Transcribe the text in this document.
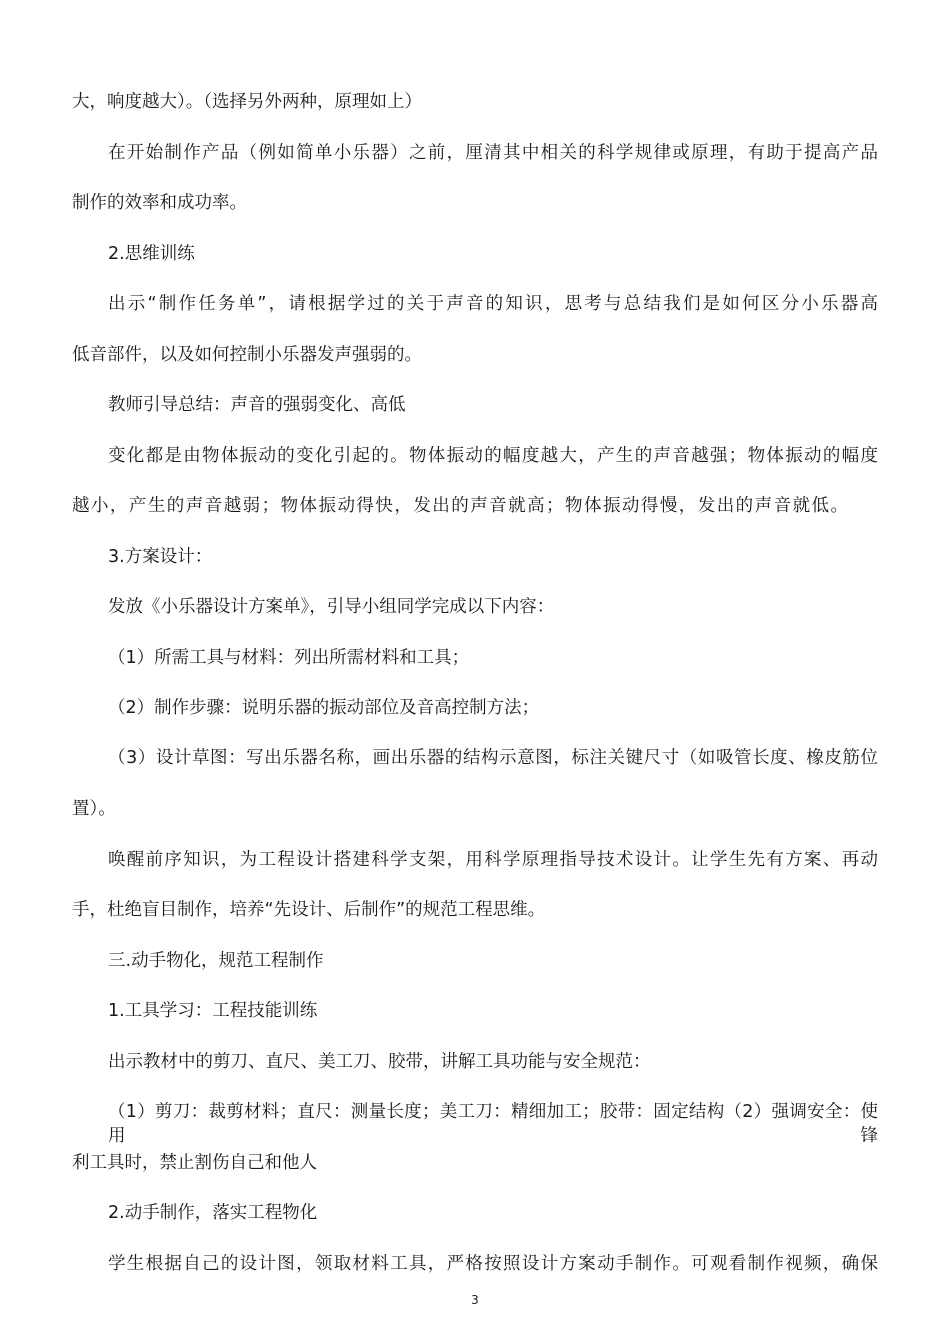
大，响度越大）。（选择另外两种，原理如上）
在开始制作产品（例如简单小乐器）之前，厘清其中相关的科学规律或原理，有助于提高产品
制作的效率和成功率。
2.思维训练
出示“制作任务单”，请根据学过的关于声音的知识，思考与总结我们是如何区分小乐器高
低音部件，以及如何控制小乐器发声强弱的。
教师引导总结：声音的强弱变化、高低
变化都是由物体振动的变化引起的。物体振动的幅度越大，产生的声音越强；物体振动的幅度
越小，产生的声音越弱；物体振动得快，发出的声音就高；物体振动得慢，发出的声音就低。
3.方案设计：
发放《小乐器设计方案单》，引导小组同学完成以下内容：
（1）所需工具与材料：列出所需材料和工具；
（2）制作步骤：说明乐器的振动部位及音高控制方法；
（3）设计草图：写出乐器名称，画出乐器的结构示意图，标注关键尺寸（如吸管长度、橡皮筋位
置）。
唤醒前序知识，为工程设计搭建科学支架，用科学原理指导技术设计。让学生先有方案、再动
手，杜绝盲目制作，培养“先设计、后制作”的规范工程思维。
三.动手物化，规范工程制作
1.工具学习：工程技能训练
出示教材中的剪刀、直尺、美工刀、胶带，讲解工具功能与安全规范：
（1）剪刀：裁剪材料；直尺：测量长度；美工刀：精细加工；胶带：固定结构（2）强调安全：使用锋
利工具时，禁止割伤自己和他人
2.动手制作，落实工程物化
学生根据自己的设计图，领取材料工具，严格按照设计方案动手制作。可观看制作视频，确保
3
